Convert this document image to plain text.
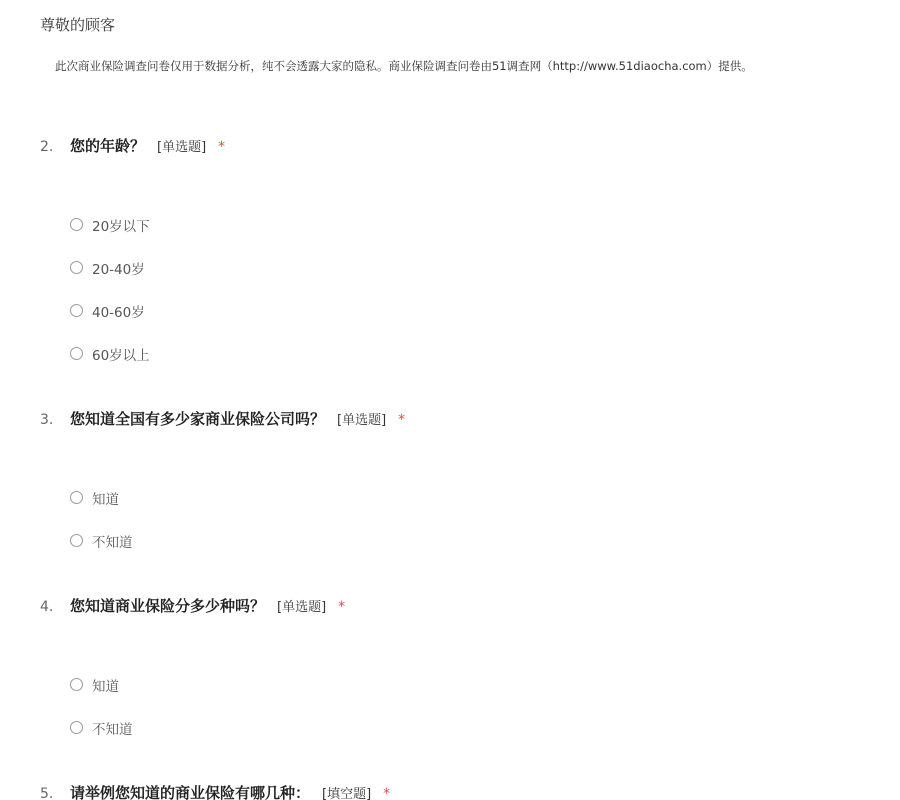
尊敬的顾客
此次商业保险调查问卷仅用于数据分析，纯不会透露大家的隐私。商业保险调查问卷由51调查网（http://www.51diaocha.com）提供。
2. 您的年龄？ [单选题] *
20岁以下
20-40岁
40-60岁
60岁以上
3. 您知道全国有多少家商业保险公司吗？ [单选题] *
知道
不知道
4. 您知道商业保险分多少种吗？ [单选题] *
知道
不知道
5. 请举例您知道的商业保险有哪几种： [填空题] *
